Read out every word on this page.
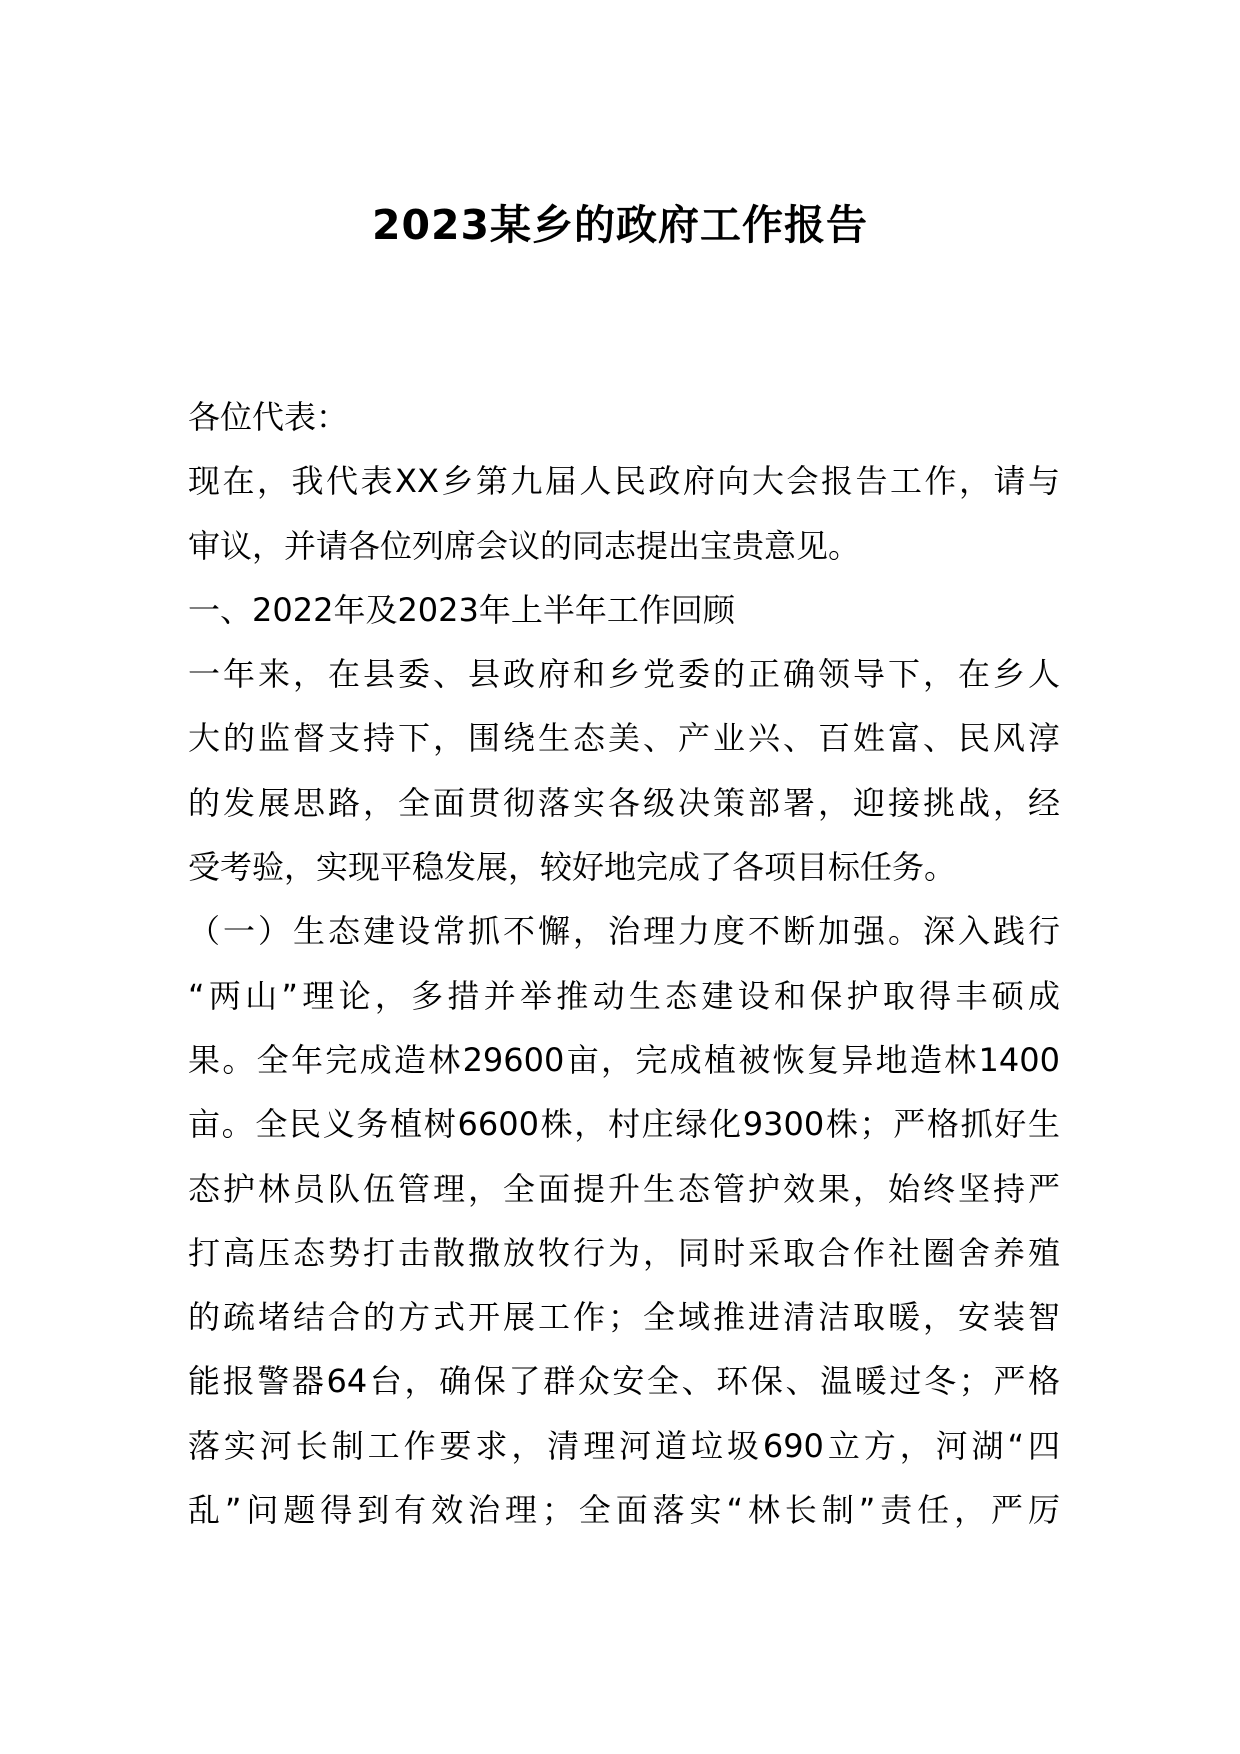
2023某乡的政府工作报告
各位代表：
现在，我代表XX乡第九届人民政府向大会报告工作，请与
审议，并请各位列席会议的同志提出宝贵意见。
一、2022年及2023年上半年工作回顾
一年来，在县委、县政府和乡党委的正确领导下，在乡人
大的监督支持下，围绕生态美、产业兴、百姓富、民风淳
的发展思路，全面贯彻落实各级决策部署，迎接挑战，经
受考验，实现平稳发展，较好地完成了各项目标任务。
（一）生态建设常抓不懈，治理力度不断加强。深入践行
“两山”理论，多措并举推动生态建设和保护取得丰硕成
果。全年完成造林29600亩，完成植被恢复异地造林1400
亩。全民义务植树6600株，村庄绿化9300株；严格抓好生
态护林员队伍管理，全面提升生态管护效果，始终坚持严
打高压态势打击散撒放牧行为，同时采取合作社圈舍养殖
的疏堵结合的方式开展工作；全域推进清洁取暖，安装智
能报警器64台，确保了群众安全、环保、温暖过冬；严格
落实河长制工作要求，清理河道垃圾690立方，河湖“四
乱”问题得到有效治理；全面落实“林长制”责任，严厉
